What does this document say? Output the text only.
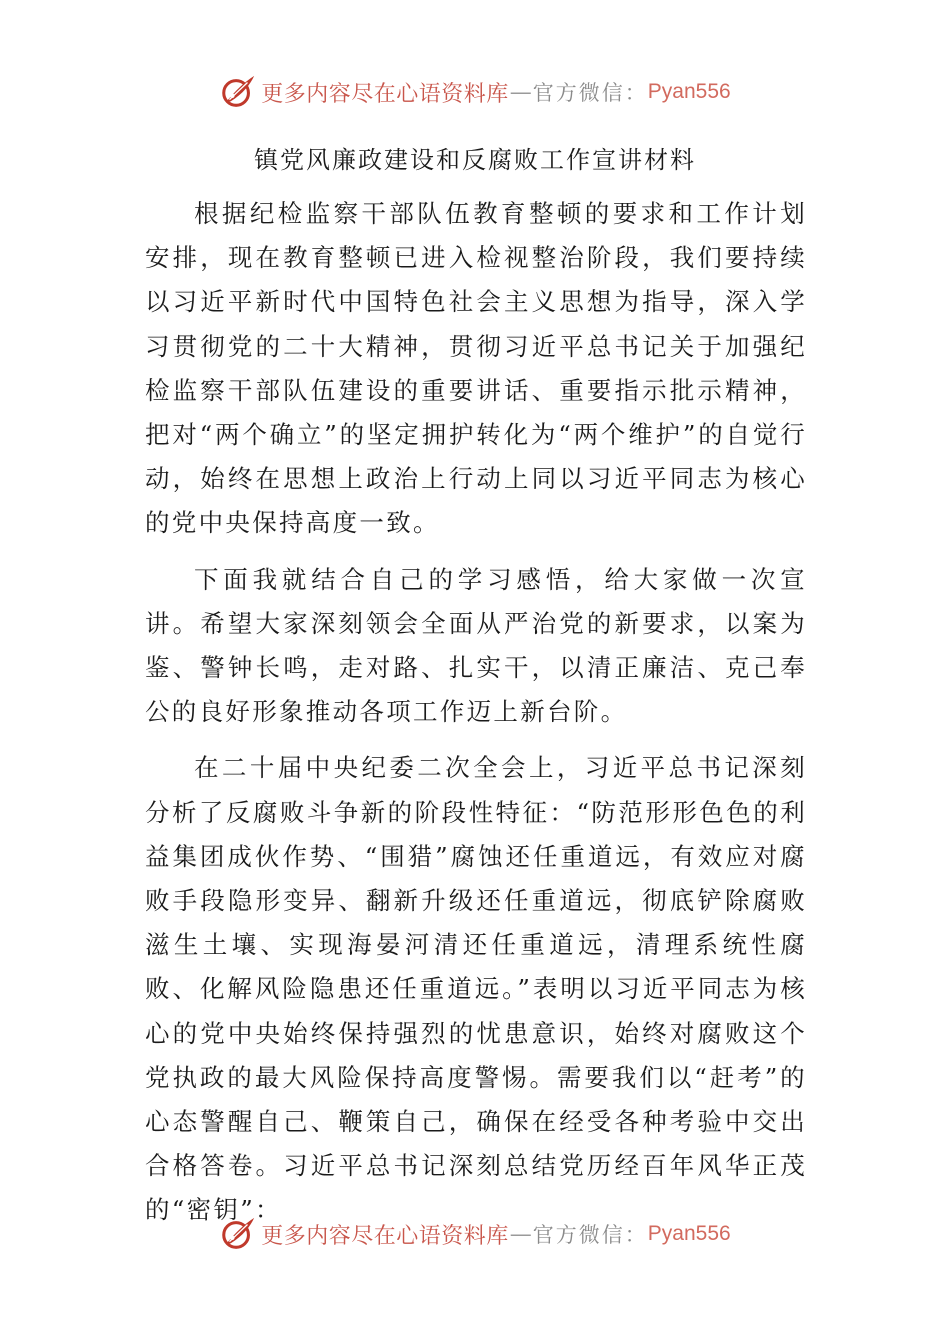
更多内容尽在心语资料库 — 官方微信： Pyan556
镇党风廉政建设和反腐败工作宣讲材料

根据纪检监察干部队伍教育整顿的要求和工作计划安排，现在教育整顿已进入检视整治阶段，我们要持续以习近平新时代中国特色社会主义思想为指导，深入学习贯彻党的二十大精神，贯彻习近平总书记关于加强纪检监察干部队伍建设的重要讲话、重要指示批示精神，把对“两个确立”的坚定拥护转化为“两个维护”的自觉行动，始终在思想上政治上行动上同以习近平同志为核心的党中央保持高度一致。

下面我就结合自己的学习感悟，给大家做一次宣讲。希望大家深刻领会全面从严治党的新要求，以案为鉴、警钟长鸣，走对路、扎实干，以清正廉洁、克己奉公的良好形象推动各项工作迈上新台阶。

在二十届中央纪委二次全会上，习近平总书记深刻分析了反腐败斗争新的阶段性特征：“防范形形色色的利益集团成伙作势、“围猎”腐蚀还任重道远，有效应对腐败手段隐形变异、翻新升级还任重道远，彻底铲除腐败滋生土壤、实现海晏河清还任重道远，清理系统性腐败、化解风险隐患还任重道远。”表明以习近平同志为核心的党中央始终保持强烈的忧患意识，始终对腐败这个党执政的最大风险保持高度警惕。需要我们以“赶考”的心态警醒自己、鞭策自己，确保在经受各种考验中交出合格答卷。习近平总书记深刻总结党历经百年风华正茂的“密钥”：

更多内容尽在心语资料库 — 官方微信： Pyan556
